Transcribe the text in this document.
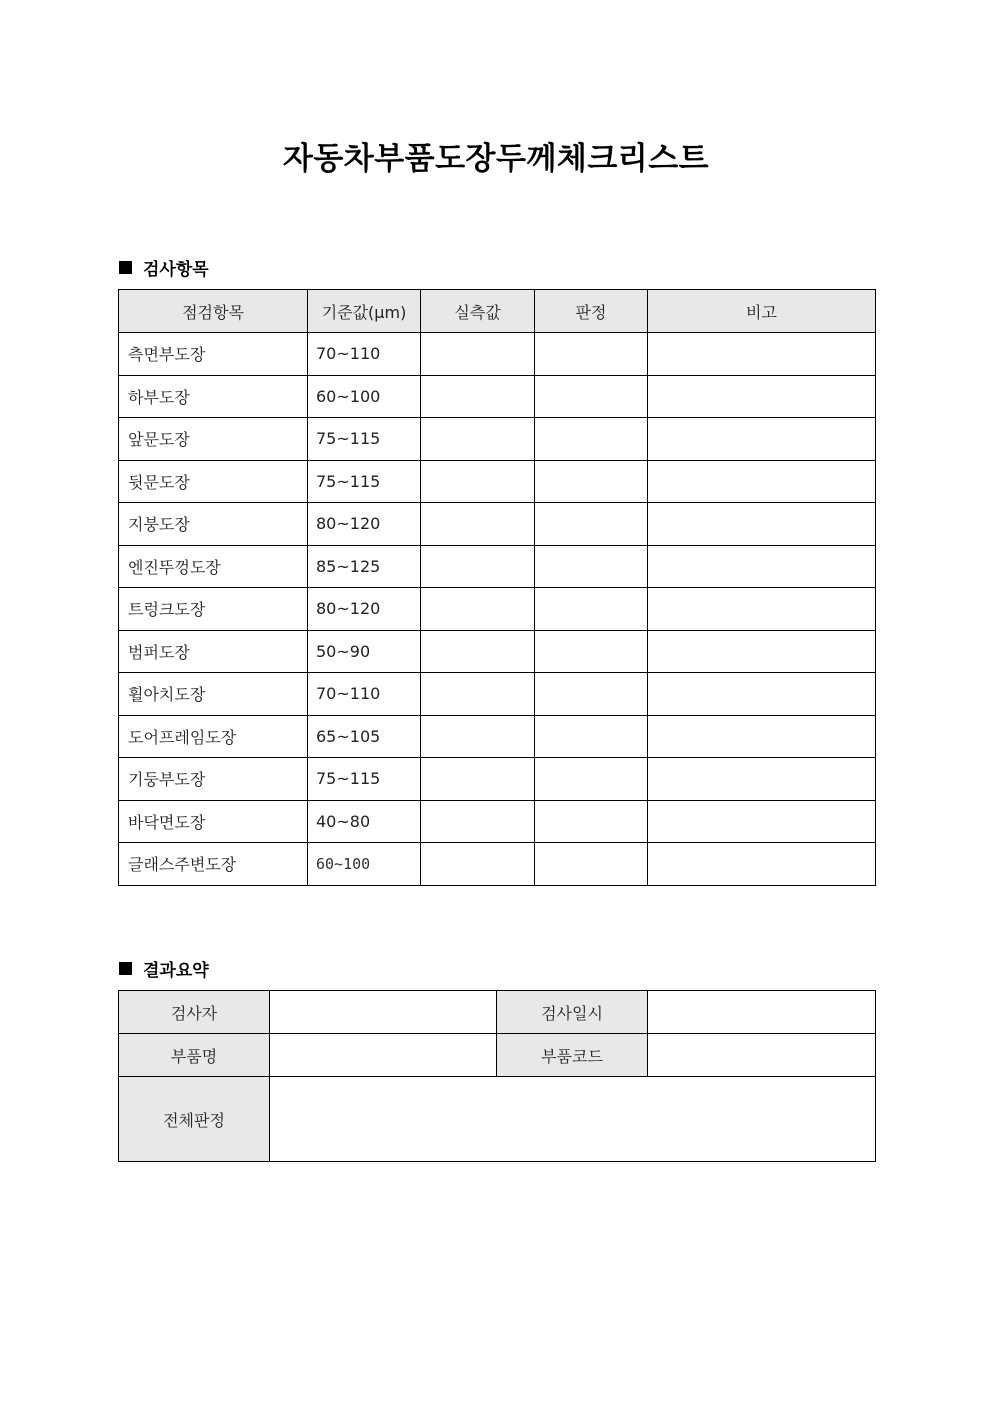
자동차부품도장두께체크리스트
검사항목
점검항목	기준값(μm)	실측값	판정	비고
측면부도장	70~110			
하부도장	60~100			
앞문도장	75~115			
뒷문도장	75~115			
지붕도장	80~120			
엔진뚜껑도장	85~125			
트렁크도장	80~120			
범퍼도장	50~90			
휠아치도장	70~110			
도어프레임도장	65~105			
기둥부도장	75~115			
바닥면도장	40~80			
글래스주변도장	60~100			
결과요약
검사자		검사일시	
부품명		부품코드	
전체판정			
